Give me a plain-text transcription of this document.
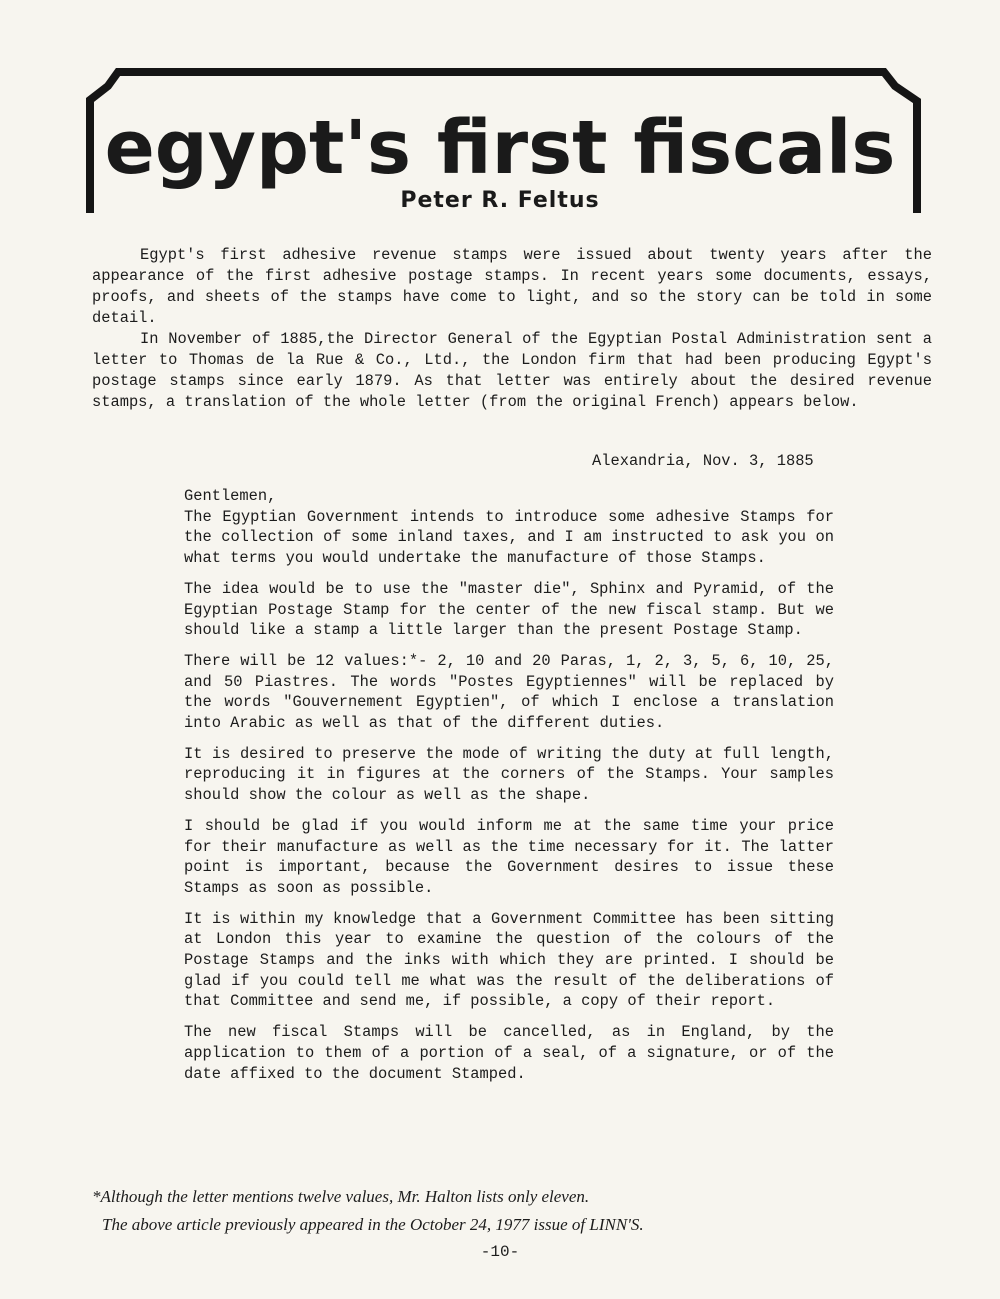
egypt's first fiscals
Peter R. Feltus

Egypt's first adhesive revenue stamps were issued about twenty years after the appearance of the first adhesive postage stamps. In recent years some documents, essays, proofs, and sheets of the stamps have come to light, and so the story can be told in some detail.

In November of 1885,the Director General of the Egyptian Postal Administration sent a letter to Thomas de la Rue & Co., Ltd., the London firm that had been producing Egypt's postage stamps since early 1879. As that letter was entirely about the desired revenue stamps, a translation of the whole letter (from the original French) appears below.

Alexandria, Nov. 3, 1885
Gentlemen,

The Egyptian Government intends to introduce some adhesive Stamps for the collection of some inland taxes, and I am instructed to ask you on what terms you would undertake the manufacture of those Stamps.

The idea would be to use the "master die", Sphinx and Pyramid, of the Egyptian Postage Stamp for the center of the new fiscal stamp. But we should like a stamp a little larger than the present Postage Stamp.

There will be 12 values:*- 2, 10 and 20 Paras, 1, 2, 3, 5, 6, 10, 25, and 50 Piastres. The words "Postes Egyptiennes" will be replaced by the words "Gouvernement Egyptien", of which I enclose a translation into Arabic as well as that of the different duties.

It is desired to preserve the mode of writing the duty at full length, reproducing it in figures at the corners of the Stamps. Your samples should show the colour as well as the shape.

I should be glad if you would inform me at the same time your price for their manufacture as well as the time necessary for it. The latter point is important, because the Government desires to issue these Stamps as soon as possible.

It is within my knowledge that a Government Committee has been sitting at London this year to examine the question of the colours of the Postage Stamps and the inks with which they are printed. I should be glad if you could tell me what was the result of the deliberations of that Committee and send me, if possible, a copy of their report.

The new fiscal Stamps will be cancelled, as in England, by the application to them of a portion of a seal, of a signature, or of the date affixed to the document Stamped.

*Although the letter mentions twelve values, Mr. Halton lists only eleven.
The above article previously appeared in the October 24, 1977 issue of LINN'S.
-10-
